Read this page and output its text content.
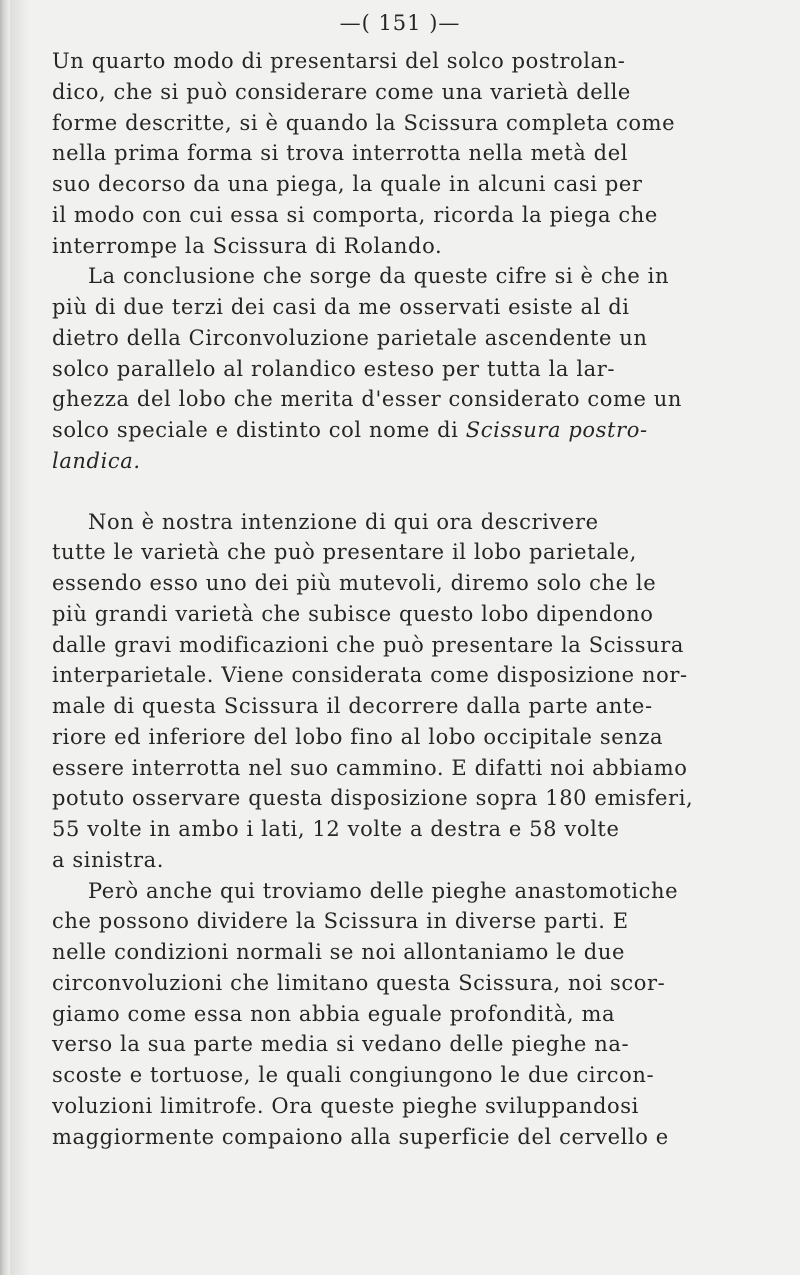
—( 151 )—
Un quarto modo di presentarsi del solco postrolan-
dico, che si può considerare come una varietà delle
forme descritte, si è quando la Scissura completa come
nella prima forma si trova interrotta nella metà del
suo decorso da una piega, la quale in alcuni casi per
il modo con cui essa si comporta, ricorda la piega che
interrompe la Scissura di Rolando.
La conclusione che sorge da queste cifre si è che in
più di due terzi dei casi da me osservati esiste al di
dietro della Circonvoluzione parietale ascendente un
solco parallelo al rolandico esteso per tutta la lar-
ghezza del lobo che merita d'esser considerato come un
solco speciale e distinto col nome di Scissura postro-
landica.
Non è nostra intenzione di qui ora descrivere
tutte le varietà che può presentare il lobo parietale,
essendo esso uno dei più mutevoli, diremo solo che le
più grandi varietà che subisce questo lobo dipendono
dalle gravi modificazioni che può presentare la Scissura
interparietale. Viene considerata come disposizione nor-
male di questa Scissura il decorrere dalla parte ante-
riore ed inferiore del lobo fino al lobo occipitale senza
essere interrotta nel suo cammino. E difatti noi abbiamo
potuto osservare questa disposizione sopra 180 emisferi,
55 volte in ambo i lati, 12 volte a destra e 58 volte
a sinistra.
Però anche qui troviamo delle pieghe anastomotiche
che possono dividere la Scissura in diverse parti. E
nelle condizioni normali se noi allontaniamo le due
circonvoluzioni che limitano questa Scissura, noi scor-
giamo come essa non abbia eguale profondità, ma
verso la sua parte media si vedano delle pieghe na-
scoste e tortuose, le quali congiungono le due circon-
voluzioni limitrofe. Ora queste pieghe sviluppandosi
maggiormente compaiono alla superficie del cervello e
